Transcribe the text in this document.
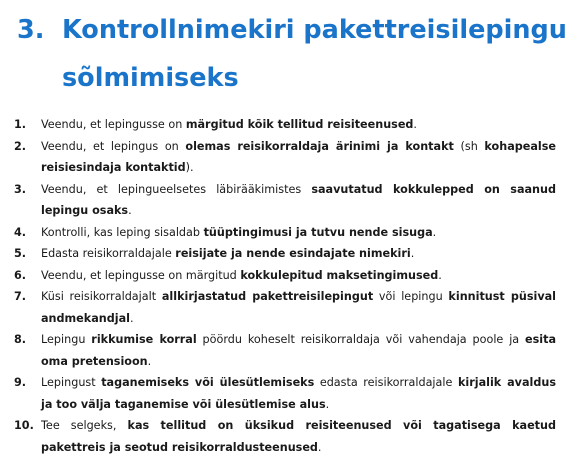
3. Kontrollnimekiri pakettreisilepingu sõlmimiseks
1. Veendu, et lepingusse on märgitud kõik tellitud reisiteenused.
2. Veendu, et lepingus on olemas reisikorraldaja ärinimi ja kontakt (sh kohapealse reisiesindaja kontaktid).
3. Veendu, et lepingueelsetes läbirääkimistes saavutatud kokkulepped on saanud lepingu osaks.
4. Kontrolli, kas leping sisaldab tüüptingimusi ja tutvu nende sisuga.
5. Edasta reisikorraldajale reisijate ja nende esindajate nimekiri.
6. Veendu, et lepingusse on märgitud kokkulepitud maksetingimused.
7. Küsi reisikorraldajalt allkirjastatud pakettreisilepingut või lepingu kinnitust püsival andmekandjal.
8. Lepingu rikkumise korral pöördu koheselt reisikorraldaja või vahendaja poole ja esita oma pretensioon.
9. Lepingust taganemiseks või ülesütlemiseks edasta reisikorraldajale kirjalik avaldus ja too välja taganemise või ülesütlemise alus.
10. Tee selgeks, kas tellitud on üksikud reisiteenused või tagatisega kaetud pakettreis ja seotud reisikorraldusteenused.
